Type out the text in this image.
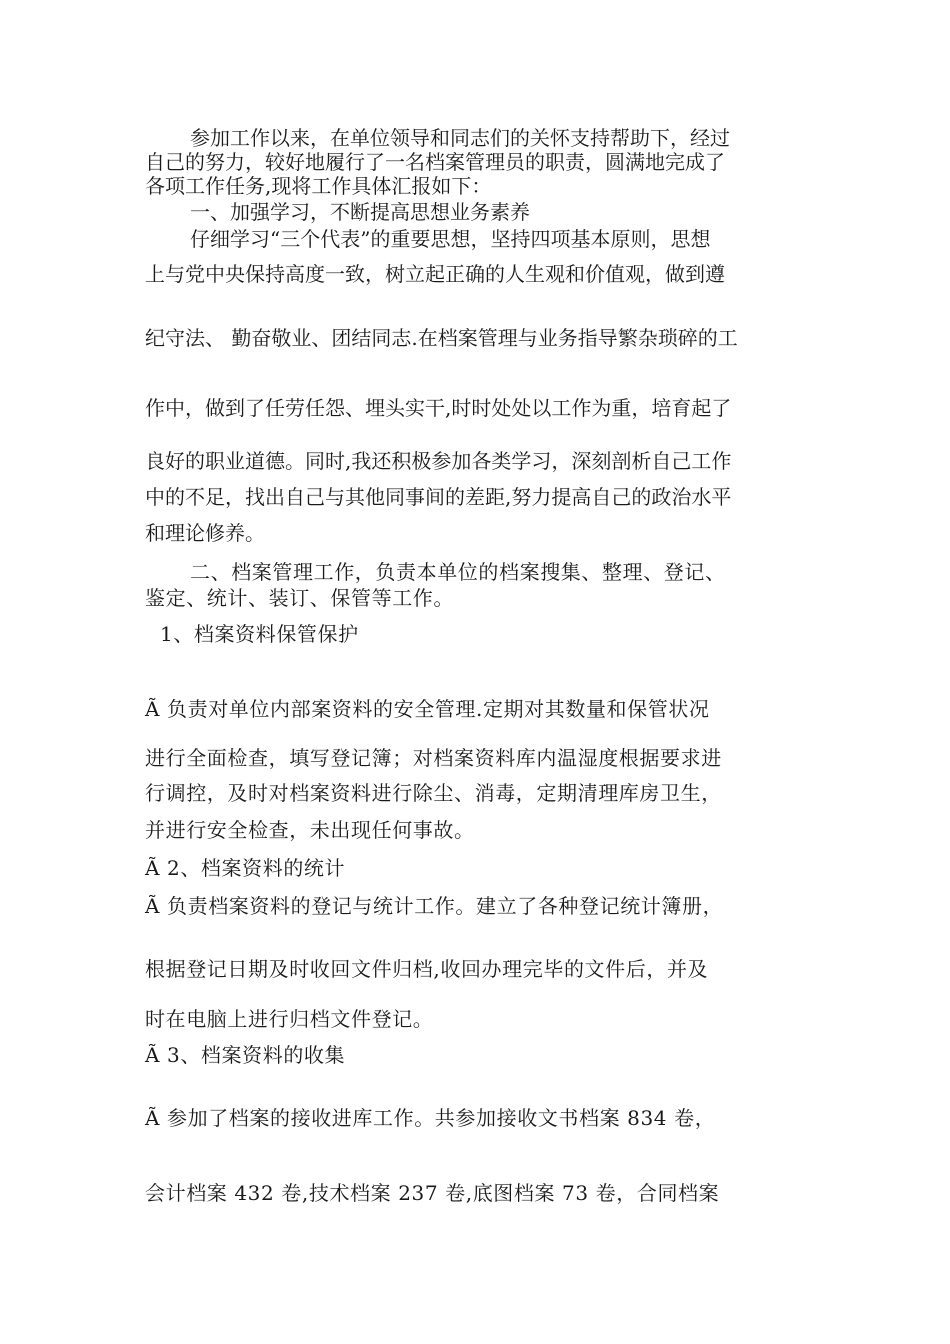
参加工作以来，在单位领导和同志们的关怀支持帮助下，经过
自己的努力，较好地履行了一名档案管理员的职责，圆满地完成了
各项工作任务,现将工作具体汇报如下：
一、加强学习，不断提高思想业务素养
仔细学习“三个代表”的重要思想，坚持四项基本原则，思想
上与党中央保持高度一致，树立起正确的人生观和价值观，做到遵
纪守法、 勤奋敬业、团结同志.在档案管理与业务指导繁杂琐碎的工
作中，做到了任劳任怨、埋头实干,时时处处以工作为重，培育起了
良好的职业道德。同时,我还积极参加各类学习，深刻剖析自己工作
中的不足，找出自己与其他同事间的差距,努力提高自己的政治水平
和理论修养。
二、档案管理工作，负责本单位的档案搜集、整理、登记、
鉴定、统计、装订、保管等工作。
1、档案资料保管保护
Ã 负责对单位内部案资料的安全管理.定期对其数量和保管状况
进行全面检查，填写登记簿；对档案资料库内温湿度根据要求进
行调控，及时对档案资料进行除尘、消毒，定期清理库房卫生，
并进行安全检查，未出现任何事故。
Ã 2、档案资料的统计
Ã 负责档案资料的登记与统计工作。建立了各种登记统计簿册，
根据登记日期及时收回文件归档,收回办理完毕的文件后，并及
时在电脑上进行归档文件登记。
Ã 3、档案资料的收集
Ã 参加了档案的接收进库工作。共参加接收文书档案 834 卷，
会计档案 432 卷,技术档案 237 卷,底图档案 73 卷，合同档案
